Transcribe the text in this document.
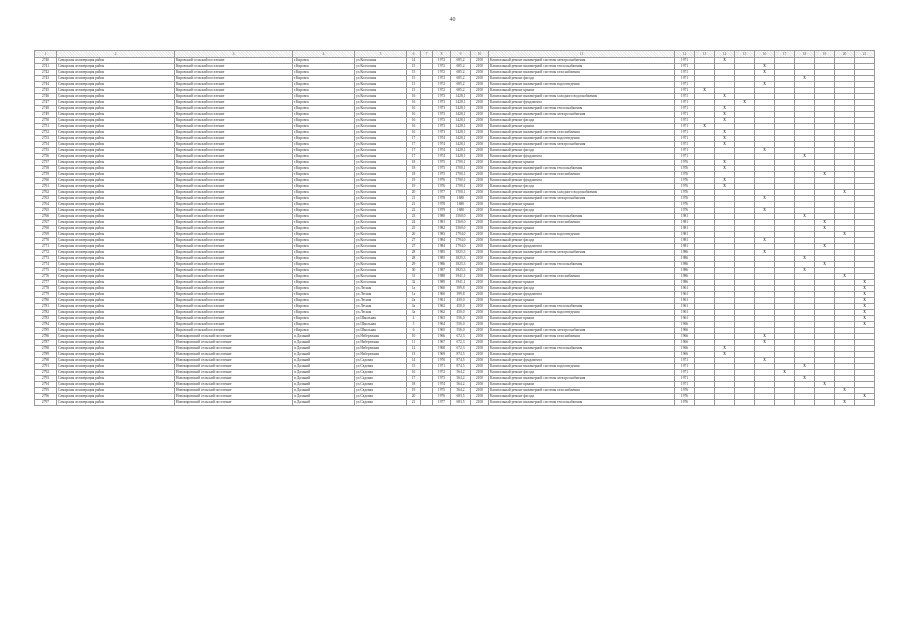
40
1	2	3	4	5	6	7	8	9	10	11	12	13	14	15	16	17	18	19	20	21
2740	Самарская агломерация район	Кировский сельский поселение	г.Кировск	ул.Колхозная	14		1972	685,2	2100	Капитальный ремонт инженерной системы электроснабжения	1971		X							
2741	Самарская агломерация район	Кировский сельский поселение	г.Кировск	ул.Колхозная	15		1972	685,2	2100	Капитальный ремонт инженерной системы теплоснабжения	1971				X					
2742	Самарская агломерация район	Кировский сельский поселение	г.Кировск	ул.Колхозная	15		1972	685,2	2100	Капитальный ремонт инженерной системы газоснабжения	1971				X					
2743	Самарская агломерация район	Кировский сельский поселение	г.Кировск	ул.Колхозная	15		1972	685,2	2100	Капитальный ремонт фасада	1971						X			
2744	Самарская агломерация район	Кировский сельский поселение	г.Кировск	ул.Колхозная	15		1972	685,2	2100	Капитальный ремонт инженерной системы водоотведения	1971				X					
2745	Самарская агломерация район	Кировский сельский поселение	г.Кировск	ул.Колхозная	15		1972	685,2	2100	Капитальный ремонт крыши	1971	X								
2746	Самарская агломерация район	Кировский сельский поселение	г.Кировск	ул.Колхозная	16		1973	1428,1	2100	Капитальный ремонт инженерной системы холодного водоснабжения	1971		X							
2747	Самарская агломерация район	Кировский сельский поселение	г.Кировск	ул.Колхозная	16		1973	1428,1	2100	Капитальный ремонт фундамента	1971			X						
2748	Самарская агломерация район	Кировский сельский поселение	г.Кировск	ул.Колхозная	16		1973	1428,1	2100	Капитальный ремонт инженерной системы теплоснабжения	1971		X							
2749	Самарская агломерация район	Кировский сельский поселение	г.Кировск	ул.Колхозная	16		1973	1428,1	2100	Капитальный ремонт инженерной системы электроснабжения	1971		X							
2750	Самарская агломерация район	Кировский сельский поселение	г.Кировск	ул.Колхозная	16		1973	1428,1	2100	Капитальный ремонт фасада	1971		X							
2751	Самарская агломерация район	Кировский сельский поселение	г.Кировск	ул.Колхозная	16		1973	1428,1	2100	Капитальный ремонт крыши	1971	X								
2752	Самарская агломерация район	Кировский сельский поселение	г.Кировск	ул.Колхозная	16		1973	1428,1	2100	Капитальный ремонт инженерной системы газоснабжения	1971		X							
2753	Самарская агломерация район	Кировский сельский поселение	г.Кировск	ул.Колхозная	17		1974	1428,1	2100	Капитальный ремонт инженерной системы водоотведения	1971		X							
2754	Самарская агломерация район	Кировский сельский поселение	г.Кировск	ул.Колхозная	17		1974	1428,1	2100	Капитальный ремонт инженерной системы электроснабжения	1971		X							
2755	Самарская агломерация район	Кировский сельский поселение	г.Кировск	ул.Колхозная	17		1974	1428,1	2100	Капитальный ремонт фасада	1971				X					
2756	Самарская агломерация район	Кировский сельский поселение	г.Кировск	ул.Колхозная	17		1974	1428,1	2100	Капитальный ремонт фундамента	1971						X			
2757	Самарская агломерация район	Кировский сельский поселение	г.Кировск	ул.Колхозная	18		1975	1700,1	2100	Капитальный ремонт крыши	1976		X							
2758	Самарская агломерация район	Кировский сельский поселение	г.Кировск	ул.Колхозная	18		1975	1700,1	2100	Капитальный ремонт инженерной системы теплоснабжения	1976		X							
2759	Самарская агломерация район	Кировский сельский поселение	г.Кировск	ул.Колхозная	18		1975	1700,1	2100	Капитальный ремонт инженерной системы газоснабжения	1976							X		
2760	Самарская агломерация район	Кировский сельский поселение	г.Кировск	ул.Колхозная	19		1976	1700,1	2100	Капитальный ремонт фундамента	1976		X							
2761	Самарская агломерация район	Кировский сельский поселение	г.Кировск	ул.Колхозная	19		1976	1700,1	2100	Капитальный ремонт фасада	1976		X							
2762	Самарская агломерация район	Кировский сельский поселение	г.Кировск	ул.Колхозная	20		1977	1700,1	2100	Капитальный ремонт инженерной системы холодного водоснабжения	1976								X	
2763	Самарская агломерация район	Кировский сельский поселение	г.Кировск	ул.Колхозная	21		1978	1680	2100	Капитальный ремонт инженерной системы электроснабжения	1976				X					
2764	Самарская агломерация район	Кировский сельский поселение	г.Кировск	ул.Колхозная	21		1978	1680	2100	Капитальный ремонт крыши	1976									
2765	Самарская агломерация район	Кировский сельский поселение	г.Кировск	ул.Колхозная	22		1979	1680	2100	Капитальный ремонт фасада	1976				X					
2766	Самарская агломерация район	Кировский сельский поселение	г.Кировск	ул.Колхозная	23		1980	1560,0	2100	Капитальный ремонт инженерной системы теплоснабжения	1981						X			
2767	Самарская агломерация район	Кировский сельский поселение	г.Кировск	ул.Колхозная	24		1981	1560,0	2100	Капитальный ремонт инженерной системы газоснабжения	1981							X		
2768	Самарская агломерация район	Кировский сельский поселение	г.Кировск	ул.Колхозная	25		1982	1560,0	2100	Капитальный ремонт крыши	1981							X		
2769	Самарская агломерация район	Кировский сельский поселение	г.Кировск	ул.Колхозная	26		1983	1794,0	2100	Капитальный ремонт инженерной системы водоотведения	1981								X	
2770	Самарская агломерация район	Кировский сельский поселение	г.Кировск	ул.Колхозная	27		1984	1794,0	2100	Капитальный ремонт фасада	1981				X					
2771	Самарская агломерация район	Кировский сельский поселение	г.Кировск	ул.Колхозная	27		1984	1794,0	2100	Капитальный ремонт фундамента	1981							X		
2772	Самарская агломерация район	Кировский сельский поселение	г.Кировск	ул.Колхозная	28		1985	1825,3	2100	Капитальный ремонт инженерной системы электроснабжения	1986				X					
2773	Самарская агломерация район	Кировский сельский поселение	г.Кировск	ул.Колхозная	28		1985	1825,3	2100	Капитальный ремонт крыши	1986						X			
2774	Самарская агломерация район	Кировский сельский поселение	г.Кировск	ул.Колхозная	29		1986	1825,3	2100	Капитальный ремонт инженерной системы теплоснабжения	1986							X		
2775	Самарская агломерация район	Кировский сельский поселение	г.Кировск	ул.Колхозная	30		1987	1825,3	2100	Капитальный ремонт фасада	1986						X			
2776	Самарская агломерация район	Кировский сельский поселение	г.Кировск	ул.Колхозная	31		1988	1941,1	2100	Капитальный ремонт инженерной системы газоснабжения	1986								X	
2777	Самарская агломерация район	Кировский сельский поселение	г.Кировск	ул.Колхозная	32		1989	1941,1	2100	Капитальный ремонт крыши	1986									X
2778	Самарская агломерация район	Кировский сельский поселение	г.Кировск	ул.Лесная	1а		1960	399,8	2100	Капитальный ремонт фасада	1961									X
2779	Самарская агломерация район	Кировский сельский поселение	г.Кировск	ул.Лесная	1а		1960	399,8	2100	Капитальный ремонт фундамента	1961									X
2780	Самарская агломерация район	Кировский сельский поселение	г.Кировск	ул.Лесная	2а		1961	450,0	2100	Капитальный ремонт крыши	1961									X
2781	Самарская агломерация район	Кировский сельский поселение	г.Кировск	ул.Лесная	3а		1962	450,0	2100	Капитальный ремонт инженерной системы теплоснабжения	1961									X
2782	Самарская агломерация район	Кировский сельский поселение	г.Кировск	ул.Лесная	3а		1962	450,0	2100	Капитальный ремонт инженерной системы водоотведения	1961									X
2783	Самарская агломерация район	Кировский сельский поселение	г.Кировск	ул.Школьная	4		1963	556,0	2100	Капитальный ремонт крыши	1961									X
2784	Самарская агломерация район	Кировский сельский поселение	г.Кировск	ул.Школьная	5		1964	556,0	2100	Капитальный ремонт фасада	1966									X
2785	Самарская агломерация район	Кировский сельский поселение	г.Кировск	ул.Школьная	6		1965	556,0	2100	Капитальный ремонт инженерной системы электроснабжения	1966									
2786	Самарская агломерация район	Новокировский сельский поселение	п.Дальний	ул.Набережная	10		1966	672,3	2100	Капитальный ремонт инженерной системы газоснабжения	1966				X					
2787	Самарская агломерация район	Новокировский сельский поселение	п.Дальний	ул.Набережная	11		1967	672,3	2100	Капитальный ремонт фасада	1966				X					
2788	Самарская агломерация район	Новокировский сельский поселение	п.Дальний	ул.Набережная	12		1968	672,3	2100	Капитальный ремонт инженерной системы теплоснабжения	1966		X							
2789	Самарская агломерация район	Новокировский сельский поселение	п.Дальний	ул.Набережная	13		1969	874,5	2100	Капитальный ремонт крыши	1966		X							
2790	Самарская агломерация район	Новокировский сельский поселение	п.Дальний	ул.Садовая	14		1970	874,5	2100	Капитальный ремонт фундамента	1971				X					
2791	Самарская агломерация район	Новокировский сельский поселение	п.Дальний	ул.Садовая	15		1971	874,5	2100	Капитальный ремонт инженерной системы водоотведения	1971						X			
2792	Самарская агломерация район	Новокировский сельский поселение	п.Дальний	ул.Садовая	16		1972	564,2	2100	Капитальный ремонт фасада	1971					X				
2793	Самарская агломерация район	Новокировский сельский поселение	п.Дальний	ул.Садовая	17		1973	564,2	2100	Капитальный ремонт инженерной системы электроснабжения	1971						X			
2794	Самарская агломерация район	Новокировский сельский поселение	п.Дальний	ул.Садовая	18		1974	564,2	2100	Капитальный ремонт крыши	1971							X		
2795	Самарская агломерация район	Новокировский сельский поселение	п.Дальний	ул.Садовая	19		1975	564,2	2100	Капитальный ремонт инженерной системы газоснабжения	1976								X	
2796	Самарская агломерация район	Новокировский сельский поселение	п.Дальний	ул.Садовая	20		1976	683,5	2100	Капитальный ремонт фасада	1976									X
2797	Самарская агломерация район	Новокировский сельский поселение	п.Дальний	ул.Садовая	21		1977	683,5	2100	Капитальный ремонт инженерной системы теплоснабжения	1976								X	
